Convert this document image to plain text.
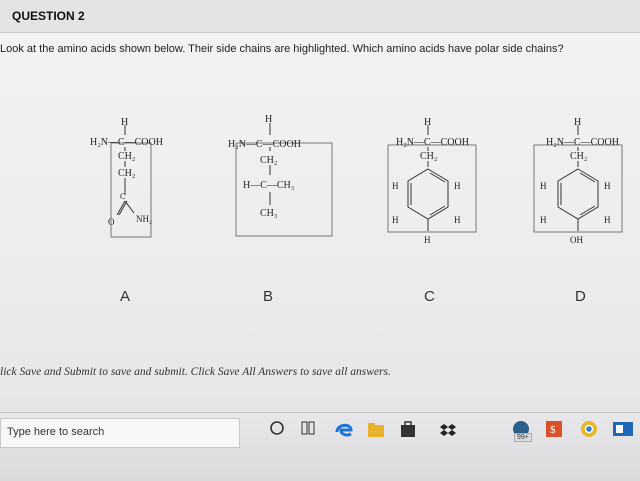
QUESTION 2
Look at the amino acids shown below. Their side chains are highlighted. Which amino acids have polar side chains?
H
H₂N—C—COOH
CH₂
CH₂
C
O NH₂
H
H₂N—C—COOH
CH₂
H—C—CH₃
CH₃
H
H₂N—C—COOH
CH₂
H	H
H	H
H
H
H₂N—C—COOH
CH₂
H	H
H	H
OH
A	B	C	D
lick Save and Submit to save and submit. Click Save All Answers to save all answers.
Type here to search	99+
$
